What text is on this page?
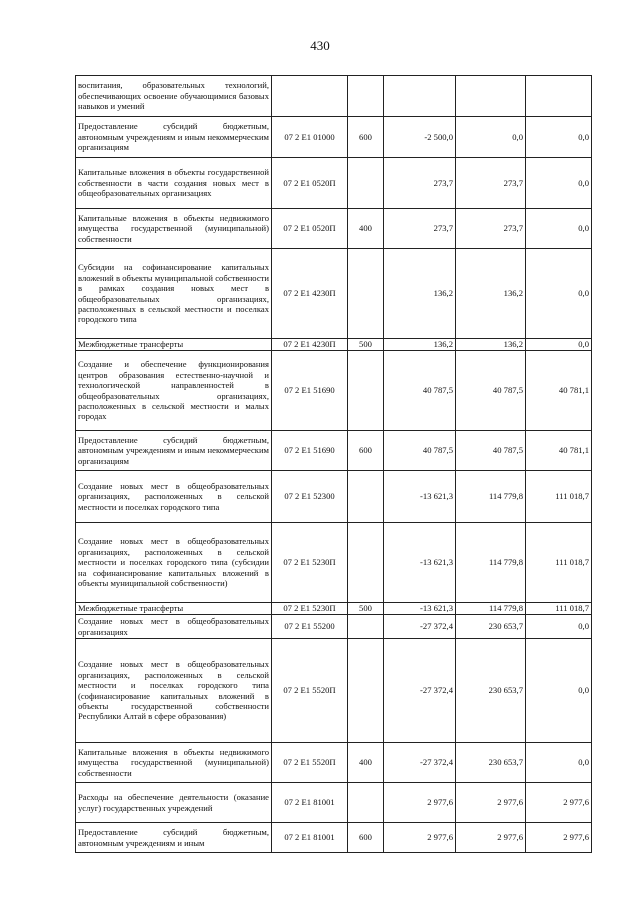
430
воспитания, образовательных технологий, обеспечивающих освоение обучающимися базовых навыков и умений					
Предоставление субсидий бюджетным, автономным учреждениям и иным некоммерческим организациям	07 2 E1 01000	600	-2 500,0	0,0	0,0
Капитальные вложения в объекты государственной собственности в части создания новых мест в общеобразовательных организациях	07 2 E1 0520П		273,7	273,7	0,0
Капитальные вложения в объекты недвижимого имущества государственной (муниципальной) собственности	07 2 E1 0520П	400	273,7	273,7	0,0
Субсидии на софинансирование капитальных вложений в объекты муниципальной собственности в рамках создания новых мест в общеобразовательных организациях, расположенных в сельской местности и поселках городского типа	07 2 E1 4230П		136,2	136,2	0,0
Межбюджетные трансферты	07 2 E1 4230П	500	136,2	136,2	0,0
Создание и обеспечение функционирования центров образования естественно-научной и технологической направленностей в общеобразовательных организациях, расположенных в сельской местности и малых городах	07 2 E1 51690		40 787,5	40 787,5	40 781,1
Предоставление субсидий бюджетным, автономным учреждениям и иным некоммерческим организациям	07 2 E1 51690	600	40 787,5	40 787,5	40 781,1
Создание новых мест в общеобразовательных организациях, расположенных в сельской местности и поселках городского типа	07 2 E1 52300		-13 621,3	114 779,8	111 018,7
Создание новых мест в общеобразовательных организациях, расположенных в сельской местности и поселках городского типа (субсидии на софинансирование капитальных вложений в объекты муниципальной собственности)	07 2 E1 5230П		-13 621,3	114 779,8	111 018,7
Межбюджетные трансферты	07 2 E1 5230П	500	-13 621,3	114 779,8	111 018,7
Создание новых мест в общеобразовательных организациях	07 2 E1 55200		-27 372,4	230 653,7	0,0
Создание новых мест в общеобразовательных организациях, расположенных в сельской местности и поселках городского типа (софинансирование капитальных вложений в объекты государственной собственности Республики Алтай в сфере образования)	07 2 E1 5520П		-27 372,4	230 653,7	0,0
Капитальные вложения в объекты недвижимого имущества государственной (муниципальной) собственности	07 2 E1 5520П	400	-27 372,4	230 653,7	0,0
Расходы на обеспечение деятельности (оказание услуг) государственных учреждений	07 2 E1 81001		2 977,6	2 977,6	2 977,6
Предоставление субсидий бюджетным, автономным учреждениям и иным	07 2 E1 81001	600	2 977,6	2 977,6	2 977,6
